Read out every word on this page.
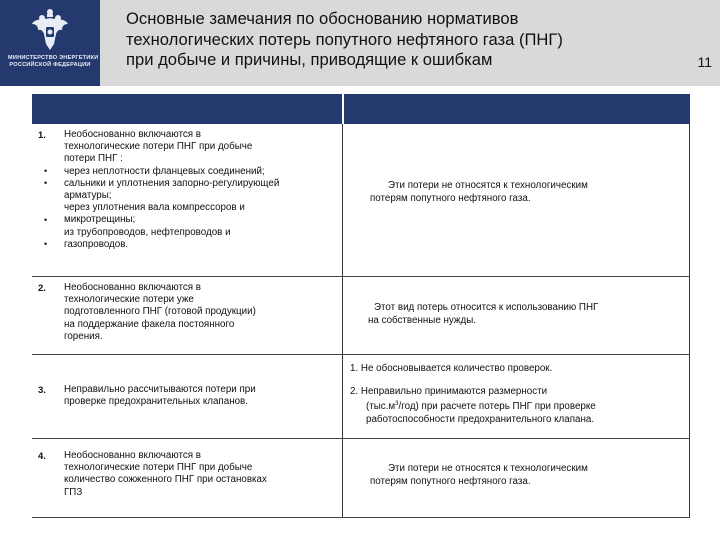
МИНИСТЕРСТВО ЭНЕРГЕТИКИ
РОССИЙСКОЙ ФЕДЕРАЦИИ
Основные замечания по обоснованию нормативов
технологических потерь попутного нефтяного газа (ПНГ)
при добыче и причины, приводящие к ошибкам	11
1. Необоснованно включаются в
технологические потери ПНГ при добыче
потери ПНГ :
через неплотности фланцевых соединений;
сальники и уплотнения запорно-регулирующей
арматуры;
через уплотнения вала компрессоров и
микротрещины;
из трубопроводов, нефтепроводов и
газопроводов.
•
•
•
•
Эти потери не относятся к технологическим
потерям попутного нефтяного газа.
2. Необоснованно включаются в
технологические потери уже
подготовленного ПНГ (готовой продукции)
на поддержание факела постоянного
горения.
Этот вид потерь относится к использованию ПНГ
на собственные нужды.
3. Неправильно рассчитываются потери при
проверке предохранительных клапанов.
1. Не обосновывается количество проверок.
2. Неправильно принимаются размерности
$(тыс.м^3/год)$ при расчете потерь ПНГ при проверке
работоспособности предохранительного клапана.
4. Необоснованно включаются в
технологические потери ПНГ при добыче
количество сожженного ПНГ при остановках
ГПЗ
Эти потери не относятся к технологическим
потерям попутного нефтяного газа.
